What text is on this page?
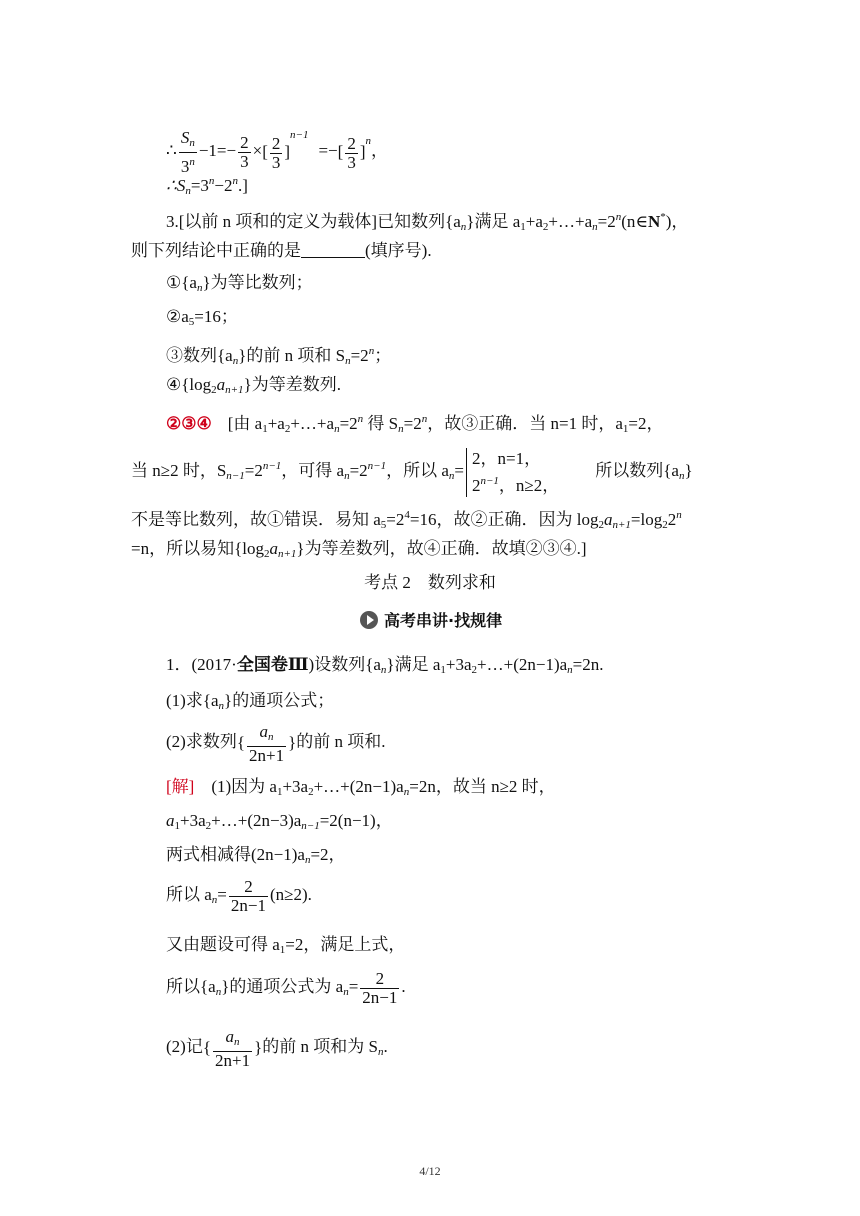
∴ $\frac{S_n}{3^n} -1=- \frac{2}{3}$ ×[ $\frac{2}{3} ]^{n-1}=-[ \frac{2}{3} ]^n$，
$\therefore S_n=3^n-2^n$.]
3.[以前 n 项和的定义为载体]已知数列$\{a_n\}$满足 $a_1+a_2+\dots+a_n=2^n(n\in N^*)$，
则下列结论中正确的是	(填序号).
$①\{a_n\}$为等比数列；
$②a_5=16$；
③数列$\{a_n\}$的前 n 项和 $S_n=2^n$；
$④\{\log_2a_{n+1}\}$为等差数列.
②③④ [由 $a_1+a_2+\dots+a_n=2^n$ 得 $S_n=2^n$，故③正确．当 n=1 时，$a_1=2$，
当 n≥2 时，$S_{n-1}=2^{n-1}$，可得 $a_n=2^{n-1}$，所以 $a_n=$
2，n=1，
$2^{n-1}$，n≥2，
所以数列$\{a_n\}$
不是等比数列，故①错误．易知 $a_5=2^4=16$，故②正确．因为 $\log_2a_{n+1}=\log_22^n$
=n，所以易知$\{\log_2a_{n+1}\}$为等差数列，故④正确．故填②③④.]
考点 2　数列求和
高考串讲·找规律
1．(2017·全国卷Ⅲ)设数列$\{a_n\}$满足 $a_1+3a_2+\dots+(2n-1)a_n=2n$.
(1)求$\{a_n\}$的通项公式；
(2)求数列{ $\frac{a_n}{2n+1}$ }的前 n 项和.
[解]　(1)因为 $a_1+3a_2+\dots+(2n-1)a_n=2n$，故当 n≥2 时，
$a_1+3a_2+\dots+(2n-3)a_{n-1}=2(n-1)$，
两式相减得$(2n-1)a_n=2$，
所以 $a_n= \frac{2}{2n-1} (n\ge 2)$.
又由题设可得 $a_1=2$，满足上式，
所以$\{a_n\}$的通项公式为 $a_n= \frac{2}{2n-1}$ .
(2)记{ $\frac{a_n}{2n+1}$ }的前 n 项和为 $S_n$.
4/12
